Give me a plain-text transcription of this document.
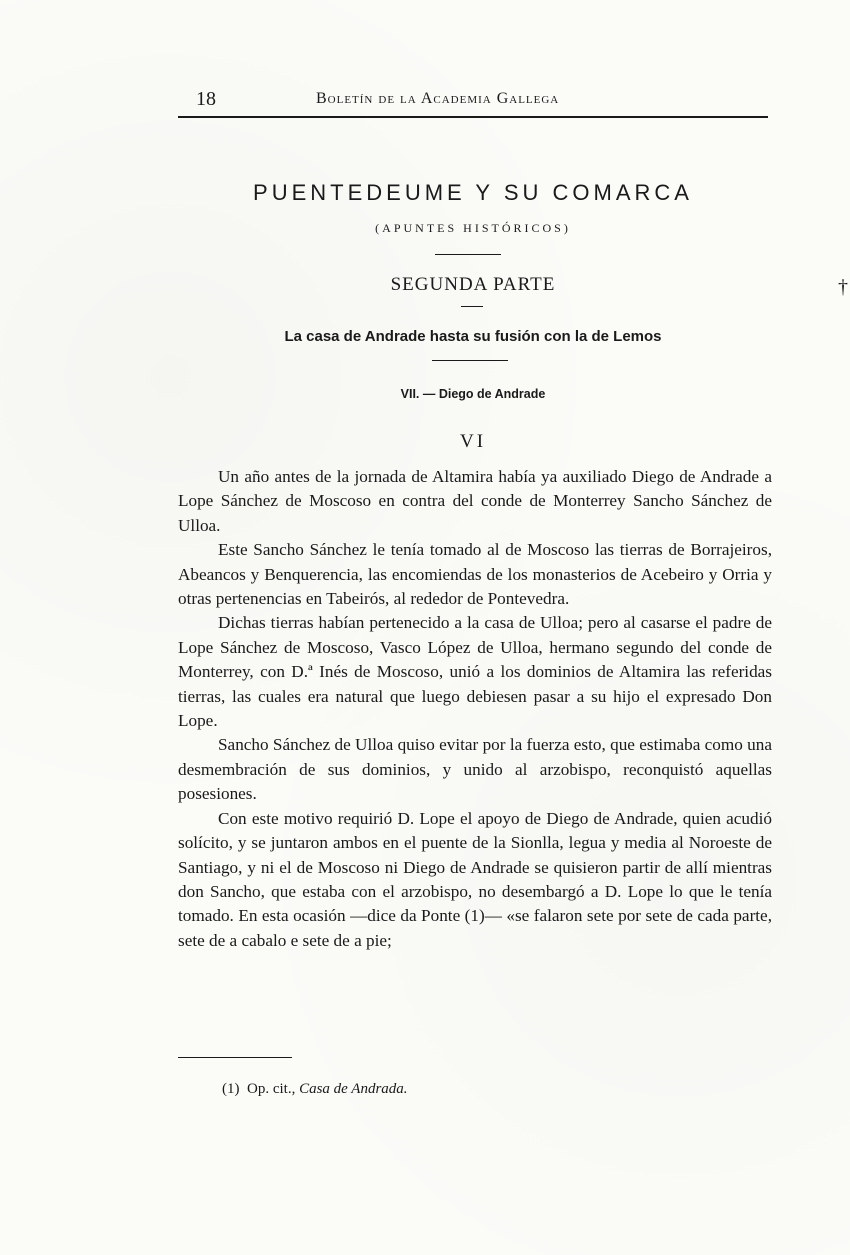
18	Boletín de la Academia Gallega
PUENTEDEUME Y SU COMARCA
(APUNTES HISTÓRICOS)
SEGUNDA PARTE
La casa de Andrade hasta su fusión con la de Lemos
VII. — Diego de Andrade
VI

Un año antes de la jornada de Altamira había ya auxiliado Diego de Andrade a Lope Sánchez de Moscoso en contra del conde de Monterrey Sancho Sánchez de Ulloa.

Este Sancho Sánchez le tenía tomado al de Moscoso las tierras de Borrajeiros, Abeancos y Benquerencia, las encomiendas de los monasterios de Acebeiro y Orria y otras pertenencias en Tabeirós, al rededor de Pontevedra.

Dichas tierras habían pertenecido a la casa de Ulloa; pero al casarse el padre de Lope Sánchez de Moscoso, Vasco López de Ulloa, hermano segundo del conde de Monterrey, con D.ª Inés de Moscoso, unió a los dominios de Altamira las referidas tierras, las cuales era natural que luego debiesen pasar a su hijo el expresado Don Lope.

Sancho Sánchez de Ulloa quiso evitar por la fuerza esto, que estimaba como una desmembración de sus dominios, y unido al arzobispo, reconquistó aquellas posesiones.

Con este motivo requirió D. Lope el apoyo de Diego de Andrade, quien acudió solícito, y se juntaron ambos en el puente de la Sionlla, legua y media al Noroeste de Santiago, y ni el de Moscoso ni Diego de Andrade se quisieron partir de allí mientras don Sancho, que estaba con el arzobispo, no desembargó a D. Lope lo que le tenía tomado. En esta ocasión —dice da Ponte (1)— «se falaron sete por sete de cada parte, sete de a cabalo e sete de a pie;

(1) Op. cit., Casa de Andrada.
†
